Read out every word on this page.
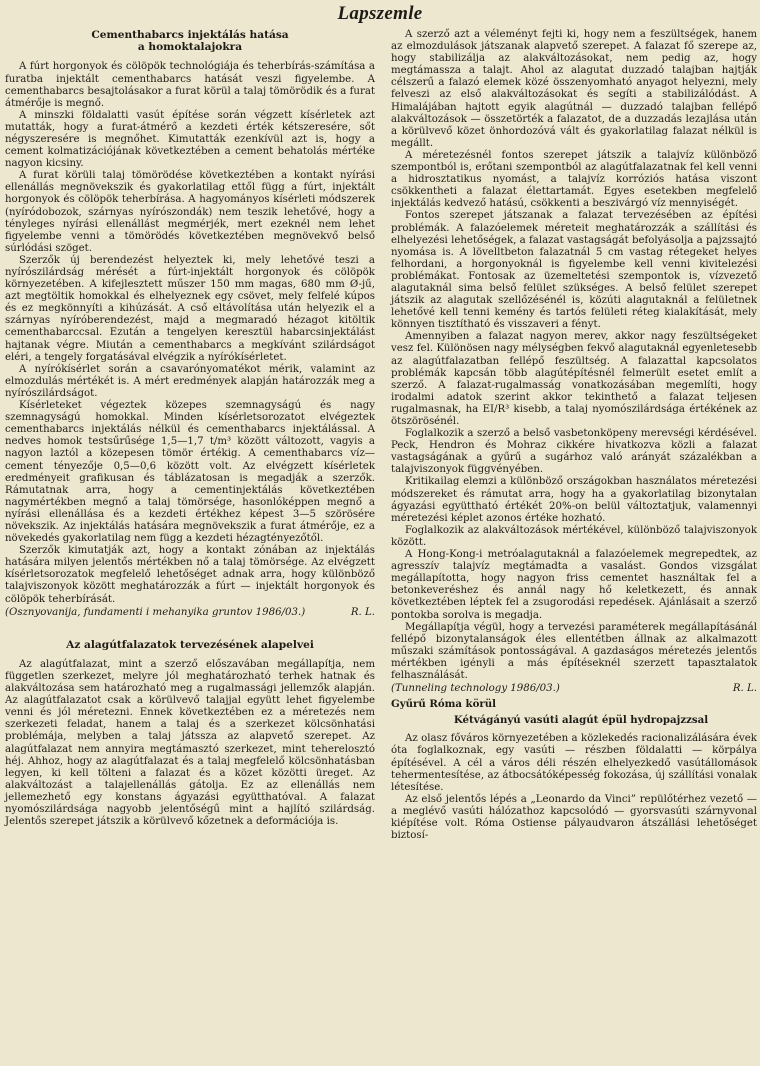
Lapszemle
Cementhabarcs injektálás hatása
a homoktalajokra

A fúrt horgonyok és cölöpök technológiája és teherbírás-számítása a furatba injektált cementhabarcs hatását veszi figyelembe. A cementhabarcs besajtolásakor a furat körül a talaj tömörödik és a furat átmérője is megnő.

A minszki földalatti vasút építése során végzett kísérletek azt mutatták, hogy a furat-átmérő a kezdeti érték kétszeresére, sőt négyszeresére is megnőhet. Kimutatták ezenkívül azt is, hogy a cement kolmatizációjának következtében a cement behatolás mértéke nagyon kicsiny.

A furat körüli talaj tömörödése következtében a kontakt nyírási ellenállás megnövekszik és gyakorlatilag ettől függ a fúrt, injektált horgonyok és cölöpök teherbírása. A hagyományos kísérleti módszerek (nyíródobozok, szárnyas nyírószondák) nem teszik lehetővé, hogy a tényleges nyírási ellenállást megmérjék, mert ezeknél nem lehet figyelembe venni a tömörödés következtében megnövekvő belső súrlódási szöget.

Szerzők új berendezést helyeztek ki, mely lehetővé teszi a nyírószilárdság mérését a fúrt-injektált horgonyok és cölöpök környezetében. A kifejlesztett műszer 150 mm magas, 680 mm Ø-jű, azt megtöltik homokkal és elhelyeznek egy csövet, mely felfelé kúpos és ez megkönnyíti a kihúzását. A cső eltávolítása után helyezik el a szárnyas nyíróberendezést, majd a megmaradó hézagot kitöltik cementhabarccsal. Ezután a tengelyen keresztül habarcsinjektálást hajtanak végre. Miután a cementhabarcs a megkívánt szilárdságot eléri, a tengely forgatásával elvégzik a nyírókísérletet.

A nyírókísérlet során a csavarónyomatékot mérik, valamint az elmozdulás mértékét is. A mért eredmények alapján határozzák meg a nyírószilárdságot.

Kísérleteket végeztek közepes szemnagyságú és nagy szemnagyságú homokkal. Minden kísérletsorozatot elvégeztek cementhabarcs injektálás nélkül és cementhabarcs injektálással. A nedves homok testsűrűsége 1,5—1,7 t/m³ között változott, vagyis a nagyon laztól a közepesen tömör értékig. A cementhabarcs víz—cement tényezője 0,5—0,6 között volt. Az elvégzett kísérletek eredményeit grafikusan és táblázatosan is megadják a szerzők. Rámutatnak arra, hogy a cementinjektálás következtében nagymértékben megnő a talaj tömörsége, hasonlóképpen megnő a nyírási ellenállása és a kezdeti értékhez képest 3—5 szörösére növekszik. Az injektálás hatására megnövekszik a furat átmérője, ez a növekedés gyakorlatilag nem függ a kezdeti hézagtényezőtől.

Szerzők kimutatják azt, hogy a kontakt zónában az injektálás hatására milyen jelentős mértékben nő a talaj tömörsége. Az elvégzett kísérletsorozatok megfelelő lehetőséget adnak arra, hogy különböző talajviszonyok között meghatározzák a fúrt — injektált horgonyok és cölöpök teherbírását.

(Osznyovanija, fundamenti i mehanyika gruntov 1986/03.)	R. L.

Az alagútfalazatok tervezésének alapelvei

Az alagútfalazat, mint a szerző előszavában megállapítja, nem független szerkezet, melyre jól meghatározható terhek hatnak és alakváltozása sem határozható meg a rugalmassági jellemzők alapján. Az alagútfalazatot csak a körülvevő talajjal együtt lehet figyelembe venni és jól méretezni. Ennek következtében ez a méretezés nem szerkezeti feladat, hanem a talaj és a szerkezet kölcsönhatási problémája, melyben a talaj játssza az alapvető szerepet. Az alagútfalazat nem annyira megtámasztó szerkezet, mint teherelosztó héj. Ahhoz, hogy az alagútfalazat és a talaj megfelelő kölcsönhatásban legyen, ki kell tölteni a falazat és a közet közötti üreget. Az alakváltozást a talajellenállás gátolja. Ez az ellenállás nem jellemezhető egy konstans ágyazási együtthatóval. A falazat nyomószilárdsága nagyobb jelentőségű mint a hajlító szilárdság. Jelentős szerepet játszik a körülvevő kőzetnek a deformációja is.

A szerző azt a véleményt fejti ki, hogy nem a feszültségek, hanem az elmozdulások játszanak alapvető szerepet. A falazat fő szerepe az, hogy stabilizálja az alakváltozásokat, nem pedig az, hogy megtámassza a talajt. Ahol az alagutat duzzadó talajban hajtják célszerű a falazó elemek közé összenyomható anyagot helyezni, mely felveszi az első alakváltozásokat és segíti a stabilizálódást. A Himalájában hajtott egyik alagútnál — duzzadó talajban fellépő alakváltozások — összetörték a falazatot, de a duzzadás lezajlása után a körülvevő közet önhordozóvá vált és gyakorlatilag falazat nélkül is megállt.

A méretezésnél fontos szerepet játszik a talajvíz különböző szempontból is, erőtani szempontból az alagútfalazatnak fel kell venni a hidrosztatikus nyomást, a talajvíz korróziós hatása viszont csökkentheti a falazat élettartamát. Egyes esetekben megfelelő injektálás kedvező hatású, csökkenti a beszivárgó víz mennyiségét.

Fontos szerepet játszanak a falazat tervezésében az építési problémák. A falazóelemek méreteit meghatározzák a szállítási és elhelyezési lehetőségek, a falazat vastagságát befolyásolja a pajzssajtó nyomása is. A lövelltbeton falazatnál 5 cm vastag rétegeket helyes felhordani, a horgonyoknál is figyelembe kell venni kivitelezési problémákat. Fontosak az üzemeltetési szempontok is, vízvezető alagutaknál sima belső felület szükséges. A belső felület szerepet játszik az alagutak szellőzésénél is, közúti alagutaknál a felületnek lehetővé kell tenni kemény és tartós felületi réteg kialakítását, mely könnyen tisztítható és visszaveri a fényt.

Amennyiben a falazat nagyon merev, akkor nagy feszültségeket vesz fel. Különösen nagy mélységben fekvő alagutaknál egyenletesebb az alagútfalazatban fellépő feszültség. A falazattal kapcsolatos problémák kapcsán több alagútépítésnél felmerült esetet említ a szerző. A falazat-rugalmasság vonatkozásában megemlíti, hogy irodalmi adatok szerint akkor tekinthető a falazat teljesen rugalmasnak, ha EI/R³ kisebb, a talaj nyomószilárdsága értékének az ötszörösénél.

Foglalkozik a szerző a belső vasbetonköpeny merevségi kérdésével. Peck, Hendron és Mohraz cikkére hivatkozva közli a falazat vastagságának a gyűrű a sugárhoz való arányát százalékban a talajviszonyok függvényében.

Kritikailag elemzi a különböző országokban használatos méretezési módszereket és rámutat arra, hogy ha a gyakorlatilag bizonytalan ágyazási együttható értékét 20%-on belül változtatjuk, valamennyi méretezési képlet azonos értéke hozható.

Foglalkozik az alakváltozások mértékével, különböző talajviszonyok között.

A Hong-Kong-i metróalagutaknál a falazóelemek megrepedtek, az agresszív talajvíz megtámadta a vasalást. Gondos vizsgálat megállapította, hogy nagyon friss cementet használtak fel a betonkeveréshez és annál nagy hő keletkezett, és annak következtében léptek fel a zsugorodási repedések. Ajánlásait a szerző pontokba sorolva is megadja.

Megállapítja végül, hogy a tervezési paraméterek megállapításánál fellépő bizonytalanságok éles ellentétben állnak az alkalmazott műszaki számítások pontosságával. A gazdaságos méretezés jelentős mértékben igényli a más építéseknél szerzett tapasztalatok felhasználását.

(Tunneling technology 1986/03.)	R. L.

Gyűrű Róma körül

Kétvágányú vasúti alagút épül hydropajzzsal

Az olasz főváros környezetében a közlekedés racionalizálására évek óta foglalkoznak, egy vasúti — részben földalatti — körpálya építésével. A cél a város déli részén elhelyezkedő vasútállomások tehermentesítése, az átbocsátóképesség fokozása, új szállítási vonalak létesítése.

Az első jelentős lépés a „Leonardo da Vinci” repülőtérhez vezető — a meglévő vasúti hálózathoz kapcsolódó — gyorsvasúti szárnyvonal kiépítése volt. Róma Ostiense pályaudvaron átszállási lehetőséget biztosí-
